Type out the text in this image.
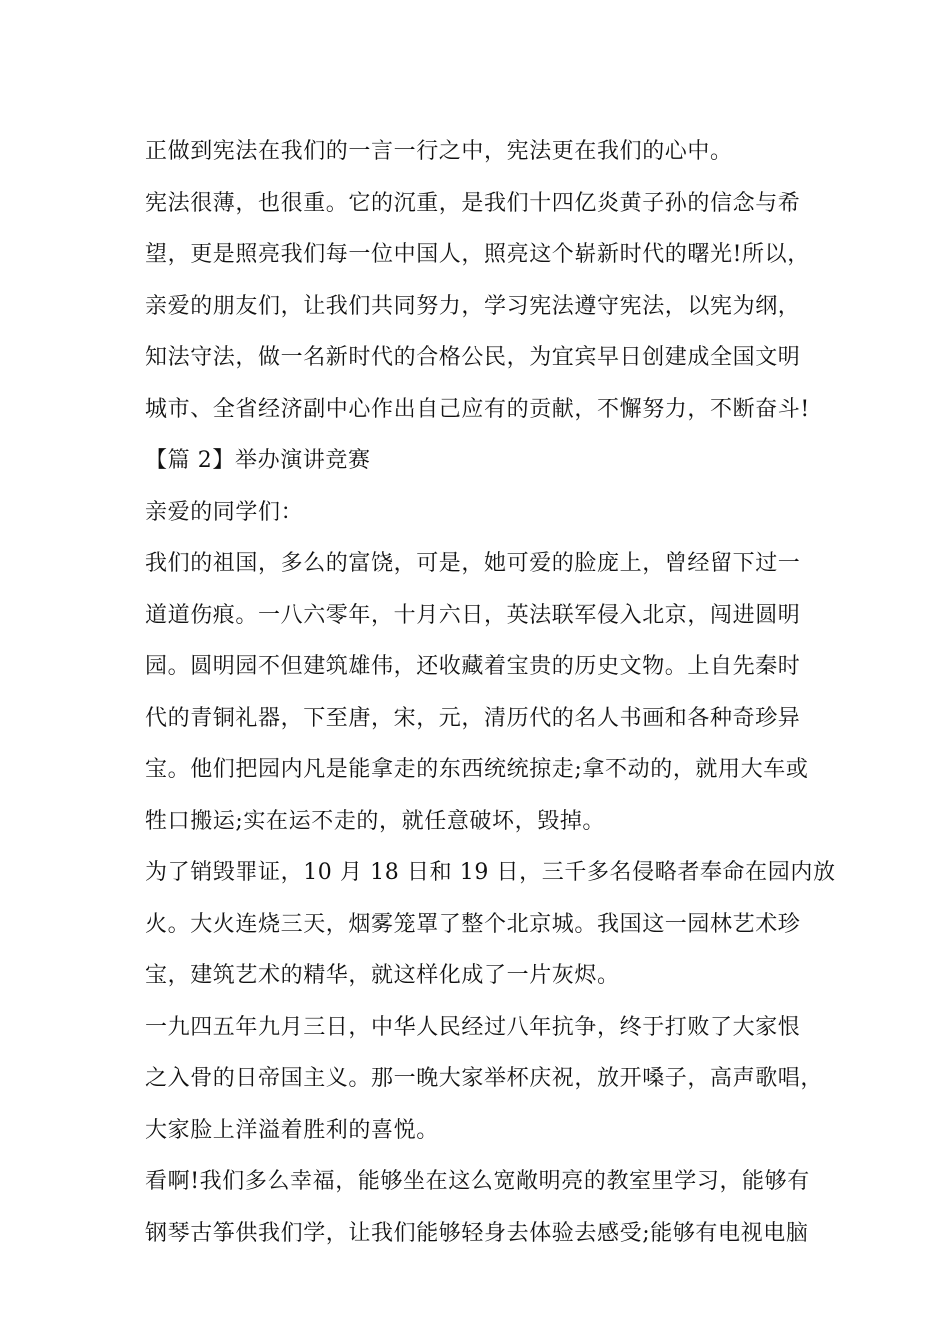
正做到宪法在我们的一言一行之中，宪法更在我们的心中。
宪法很薄，也很重。它的沉重，是我们十四亿炎黄子孙的信念与希
望，更是照亮我们每一位中国人，照亮这个崭新时代的曙光!所以，
亲爱的朋友们，让我们共同努力，学习宪法遵守宪法，以宪为纲，
知法守法，做一名新时代的合格公民，为宜宾早日创建成全国文明
城市、全省经济副中心作出自己应有的贡献，不懈努力，不断奋斗!
【篇 2】举办演讲竞赛
亲爱的同学们：
我们的祖国，多么的富饶，可是，她可爱的脸庞上，曾经留下过一
道道伤痕。一八六零年，十月六日，英法联军侵入北京，闯进圆明
园。圆明园不但建筑雄伟，还收藏着宝贵的历史文物。上自先秦时
代的青铜礼器，下至唐，宋，元，清历代的名人书画和各种奇珍异
宝。他们把园内凡是能拿走的东西统统掠走;拿不动的，就用大车或
牲口搬运;实在运不走的，就任意破坏，毁掉。
为了销毁罪证，10 月 18 日和 19 日，三千多名侵略者奉命在园内放
火。大火连烧三天，烟雾笼罩了整个北京城。我国这一园林艺术珍
宝，建筑艺术的精华，就这样化成了一片灰烬。
一九四五年九月三日，中华人民经过八年抗争，终于打败了大家恨
之入骨的日帝国主义。那一晚大家举杯庆祝，放开嗓子，高声歌唱，
大家脸上洋溢着胜利的喜悦。
看啊!我们多么幸福，能够坐在这么宽敞明亮的教室里学习，能够有
钢琴古筝供我们学，让我们能够轻身去体验去感受;能够有电视电脑
